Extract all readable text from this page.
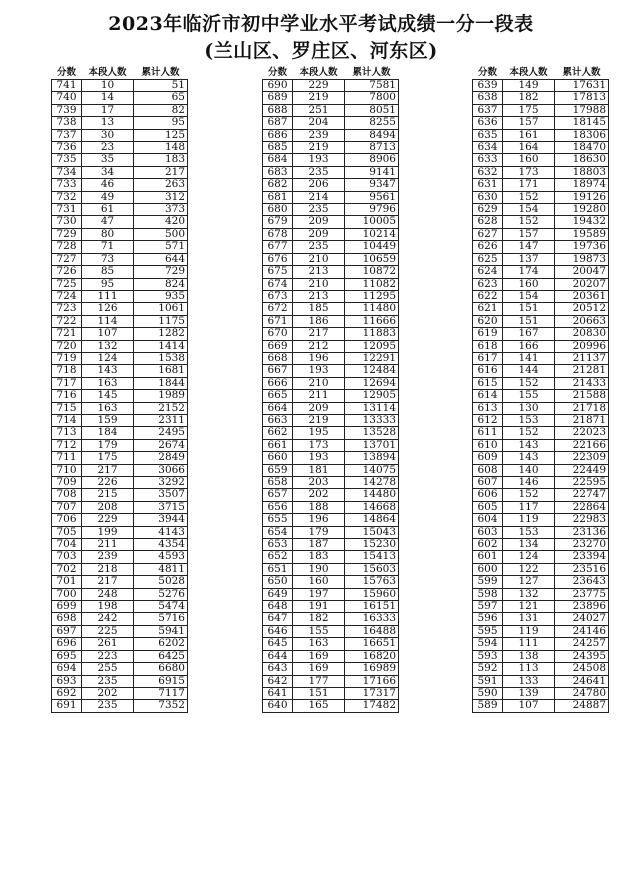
2023年临沂市初中学业水平考试成绩一分一段表
(兰山区、罗庄区、河东区)
分数	本段人数	累计人数
741	10	51
740	14	65
739	17	82
738	13	95
737	30	125
736	23	148
735	35	183
734	34	217
733	46	263
732	49	312
731	61	373
730	47	420
729	80	500
728	71	571
727	73	644
726	85	729
725	95	824
724	111	935
723	126	1061
722	114	1175
721	107	1282
720	132	1414
719	124	1538
718	143	1681
717	163	1844
716	145	1989
715	163	2152
714	159	2311
713	184	2495
712	179	2674
711	175	2849
710	217	3066
709	226	3292
708	215	3507
707	208	3715
706	229	3944
705	199	4143
704	211	4354
703	239	4593
702	218	4811
701	217	5028
700	248	5276
699	198	5474
698	242	5716
697	225	5941
696	261	6202
695	223	6425
694	255	6680
693	235	6915
692	202	7117
691	235	7352
分数	本段人数	累计人数
690	229	7581
689	219	7800
688	251	8051
687	204	8255
686	239	8494
685	219	8713
684	193	8906
683	235	9141
682	206	9347
681	214	9561
680	235	9796
679	209	10005
678	209	10214
677	235	10449
676	210	10659
675	213	10872
674	210	11082
673	213	11295
672	185	11480
671	186	11666
670	217	11883
669	212	12095
668	196	12291
667	193	12484
666	210	12694
665	211	12905
664	209	13114
663	219	13333
662	195	13528
661	173	13701
660	193	13894
659	181	14075
658	203	14278
657	202	14480
656	188	14668
655	196	14864
654	179	15043
653	187	15230
652	183	15413
651	190	15603
650	160	15763
649	197	15960
648	191	16151
647	182	16333
646	155	16488
645	163	16651
644	169	16820
643	169	16989
642	177	17166
641	151	17317
640	165	17482
分数	本段人数	累计人数
639	149	17631
638	182	17813
637	175	17988
636	157	18145
635	161	18306
634	164	18470
633	160	18630
632	173	18803
631	171	18974
630	152	19126
629	154	19280
628	152	19432
627	157	19589
626	147	19736
625	137	19873
624	174	20047
623	160	20207
622	154	20361
621	151	20512
620	151	20663
619	167	20830
618	166	20996
617	141	21137
616	144	21281
615	152	21433
614	155	21588
613	130	21718
612	153	21871
611	152	22023
610	143	22166
609	143	22309
608	140	22449
607	146	22595
606	152	22747
605	117	22864
604	119	22983
603	153	23136
602	134	23270
601	124	23394
600	122	23516
599	127	23643
598	132	23775
597	121	23896
596	131	24027
595	119	24146
594	111	24257
593	138	24395
592	113	24508
591	133	24641
590	139	24780
589	107	24887
